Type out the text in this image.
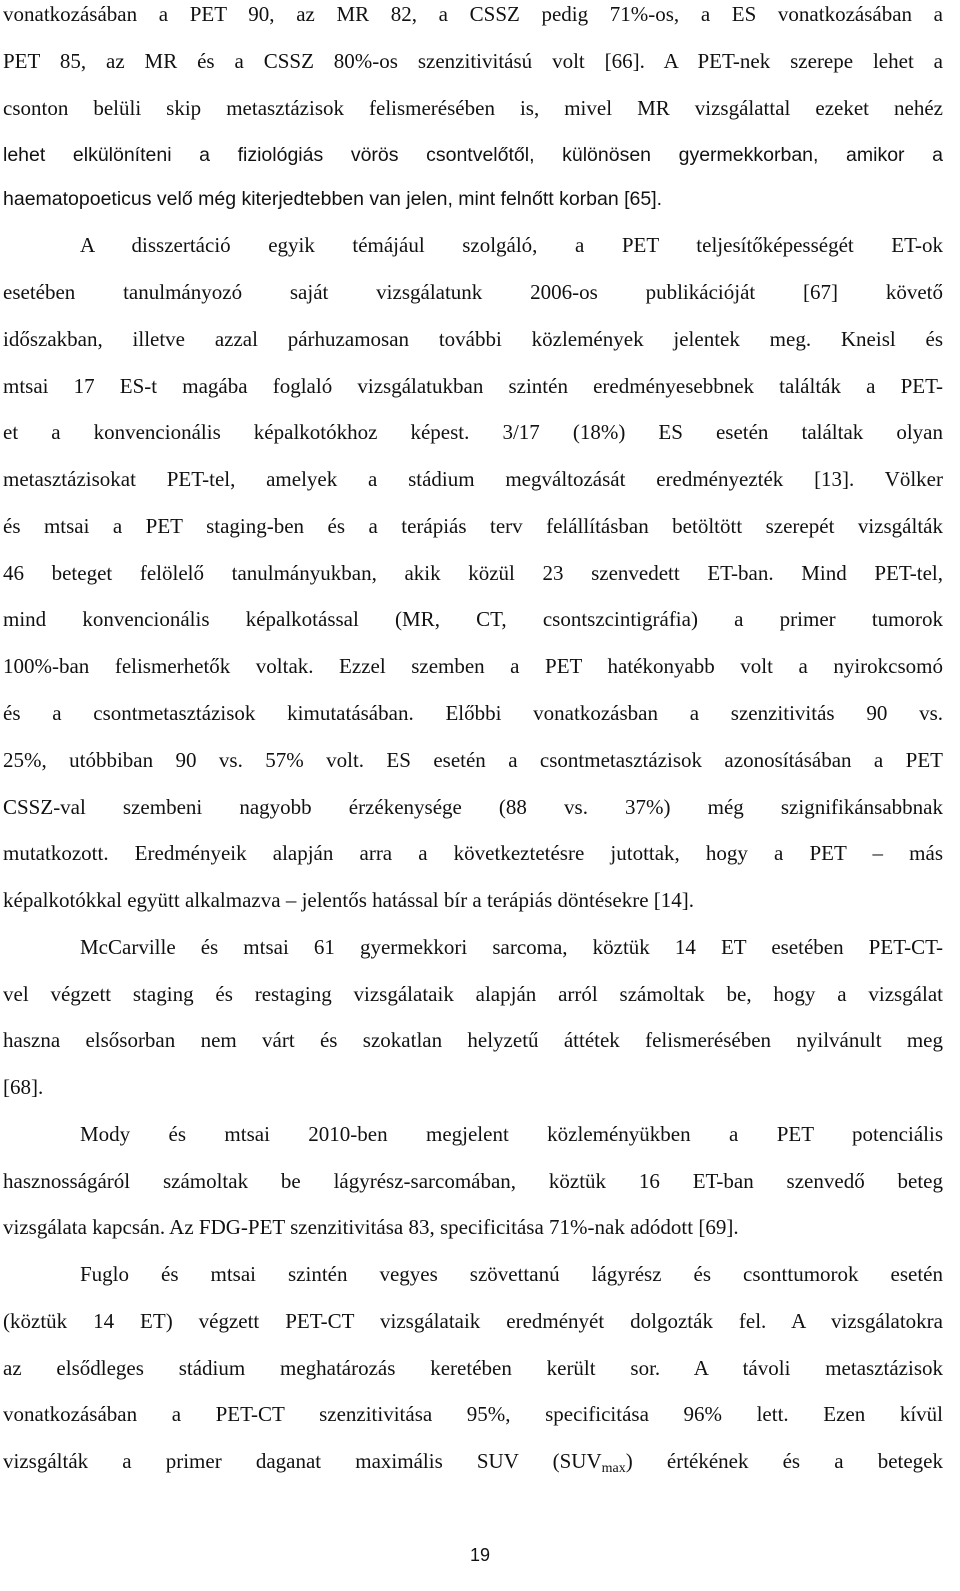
vonatkozásában a PET 90, az MR 82, a CSSZ pedig 71%-os, a ES vonatkozásában a
PET 85, az MR és a CSSZ 80%-os szenzitivitású volt [66]. A PET-nek szerepe lehet a
csonton belüli skip metasztázisok felismerésében is, mivel MR vizsgálattal ezeket nehéz
lehet elkülöníteni a fiziológiás vörös csontvelőtől, különösen gyermekkorban, amikor a
haematopoeticus velő még kiterjedtebben van jelen, mint felnőtt korban [65].
A disszertáció egyik témájául szolgáló, a PET teljesítőképességét ET-ok
esetében tanulmányozó saját vizsgálatunk 2006-os publikációját [67] követő
időszakban, illetve azzal párhuzamosan további közlemények jelentek meg. Kneisl és
mtsai 17 ES-t magába foglaló vizsgálatukban szintén eredményesebbnek találták a PET-
et a konvencionális képalkotókhoz képest. 3/17 (18%) ES esetén találtak olyan
metasztázisokat PET-tel, amelyek a stádium megváltozását eredményezték [13]. Völker
és mtsai a PET staging-ben és a terápiás terv felállításban betöltött szerepét vizsgálták
46 beteget felölelő tanulmányukban, akik közül 23 szenvedett ET-ban. Mind PET-tel,
mind konvencionális képalkotással (MR, CT, csontszcintigráfia) a primer tumorok
100%-ban felismerhetők voltak. Ezzel szemben a PET hatékonyabb volt a nyirokcsomó
és a csontmetasztázisok kimutatásában. Előbbi vonatkozásban a szenzitivitás 90 vs.
25%, utóbbiban 90 vs. 57% volt. ES esetén a csontmetasztázisok azonosításában a PET
CSSZ-val szembeni nagyobb érzékenysége (88 vs. 37%) még szignifikánsabbnak
mutatkozott. Eredményeik alapján arra a következtetésre jutottak, hogy a PET – más
képalkotókkal együtt alkalmazva – jelentős hatással bír a terápiás döntésekre [14].
McCarville és mtsai 61 gyermekkori sarcoma, köztük 14 ET esetében PET-CT-
vel végzett staging és restaging vizsgálataik alapján arról számoltak be, hogy a vizsgálat
haszna elsősorban nem várt és szokatlan helyzetű áttétek felismerésében nyilvánult meg
[68].
Mody és mtsai 2010-ben megjelent közleményükben a PET potenciális
hasznosságáról számoltak be lágyrész-sarcomában, köztük 16 ET-ban szenvedő beteg
vizsgálata kapcsán. Az FDG-PET szenzitivitása 83, specificitása 71%-nak adódott [69].
Fuglo és mtsai szintén vegyes szövettanú lágyrész és csonttumorok esetén
(köztük 14 ET) végzett PET-CT vizsgálataik eredményét dolgozták fel. A vizsgálatokra
az elsődleges stádium meghatározás keretében került sor. A távoli metasztázisok
vonatkozásában a PET-CT szenzitivitása 95%, specificitása 96% lett. Ezen kívül
vizsgálták a primer daganat maximális SUV $(SUV_{max})$ értékének és a betegek
19
